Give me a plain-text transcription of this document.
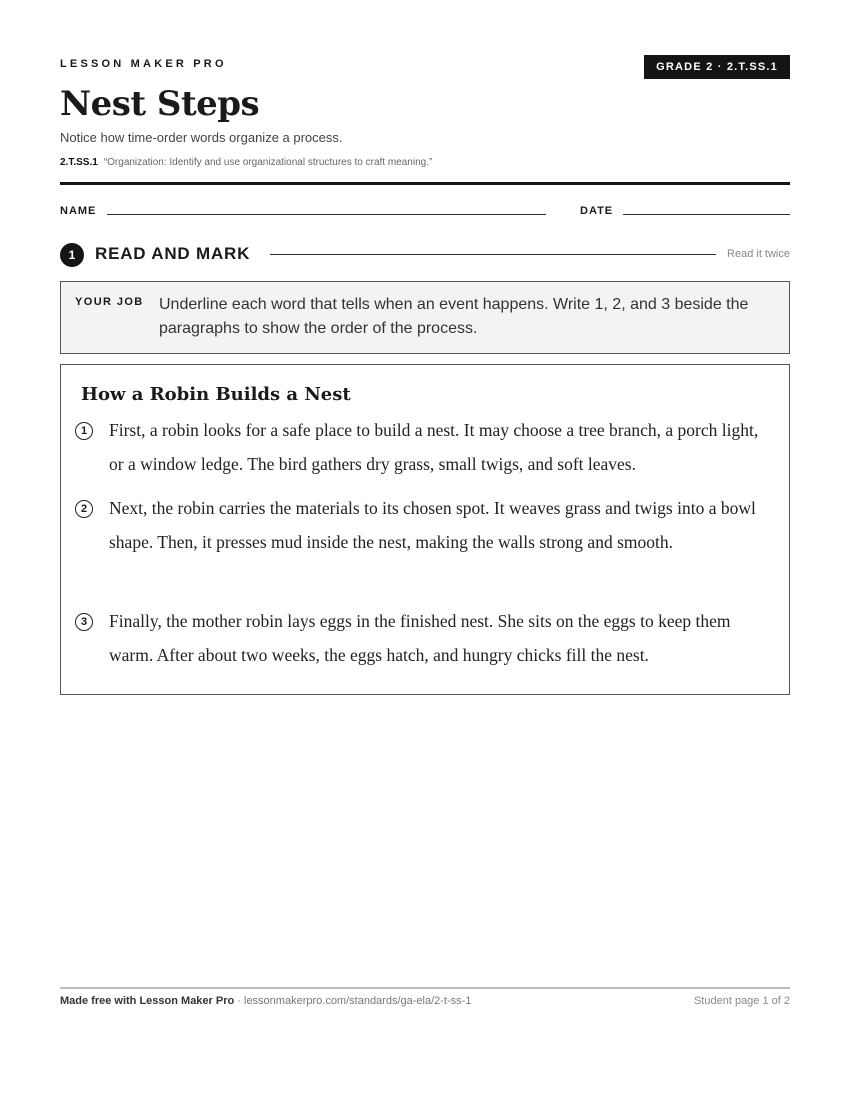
LESSON MAKER PRO	GRADE 2 · 2.T.SS.1
Nest Steps
Notice how time-order words organize a process.
2.T.SS.1 “Organization: Identify and use organizational structures to craft meaning.”
NAME	DATE
1	READ AND MARK	Read it twice
YOUR JOB Underline each word that tells when an event happens. Write 1, 2, and 3 beside the paragraphs to show the order of the process.
How a Robin Builds a Nest
1	First, a robin looks for a safe place to build a nest. It may choose a tree branch, a porch light, or a window ledge. The bird gathers dry grass, small twigs, and soft leaves.
2	Next, the robin carries the materials to its chosen spot. It weaves grass and twigs into a bowl shape. Then, it presses mud inside the nest, making the walls strong and smooth.
3	Finally, the mother robin lays eggs in the finished nest. She sits on the eggs to keep them warm. After about two weeks, the eggs hatch, and hungry chicks fill the nest.
Made free with Lesson Maker Pro · lessonmakerpro.com/standards/ga-ela/2-t-ss-1	Student page 1 of 2
